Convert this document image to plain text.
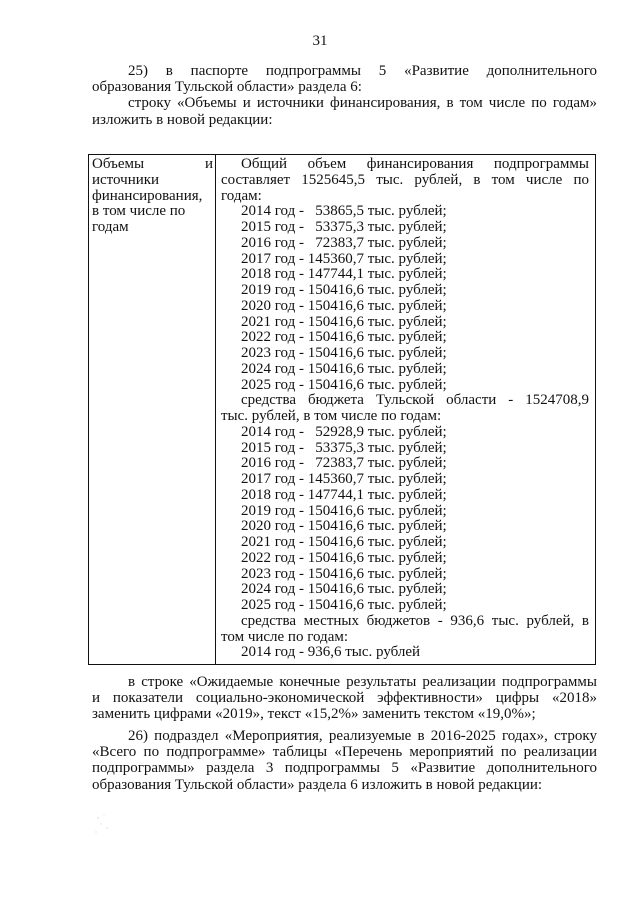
31
25) в паспорте подпрограммы 5 «Развитие дополнительного
образования Тульской области» раздела 6:
строку «Объемы и источники финансирования, в том числе по годам»
изложить в новой редакции:
Объемы	и
источники
финансирования,
в том числе по
годам
Общий объем финансирования подпрограммы
составляет 1525645,5 тыс. рублей, в том числе по
годам:
2014 год -   53865,5 тыс. рублей;
2015 год -   53375,3 тыс. рублей;
2016 год -   72383,7 тыс. рублей;
2017 год - 145360,7 тыс. рублей;
2018 год - 147744,1 тыс. рублей;
2019 год - 150416,6 тыс. рублей;
2020 год - 150416,6 тыс. рублей;
2021 год - 150416,6 тыс. рублей;
2022 год - 150416,6 тыс. рублей;
2023 год - 150416,6 тыс. рублей;
2024 год - 150416,6 тыс. рублей;
2025 год - 150416,6 тыс. рублей;
средства бюджета Тульской области - 1524708,9
тыс. рублей, в том числе по годам:
2014 год -   52928,9 тыс. рублей;
2015 год -   53375,3 тыс. рублей;
2016 год -   72383,7 тыс. рублей;
2017 год - 145360,7 тыс. рублей;
2018 год - 147744,1 тыс. рублей;
2019 год - 150416,6 тыс. рублей;
2020 год - 150416,6 тыс. рублей;
2021 год - 150416,6 тыс. рублей;
2022 год - 150416,6 тыс. рублей;
2023 год - 150416,6 тыс. рублей;
2024 год - 150416,6 тыс. рублей;
2025 год - 150416,6 тыс. рублей;
средства местных бюджетов - 936,6 тыс. рублей, в
том числе по годам:
2014 год - 936,6 тыс. рублей
в строке «Ожидаемые конечные результаты реализации подпрограммы
и показатели социально-экономической эффективности» цифры «2018»
заменить цифрами «2019», текст «15,2%» заменить текстом «19,0%»;
26) подраздел «Мероприятия, реализуемые в 2016-2025 годах», строку
«Всего по подпрограмме» таблицы «Перечень мероприятий по реализации
подпрограммы» раздела 3 подпрограммы 5 «Развитие дополнительного
образования Тульской области» раздела 6 изложить в новой редакции:
